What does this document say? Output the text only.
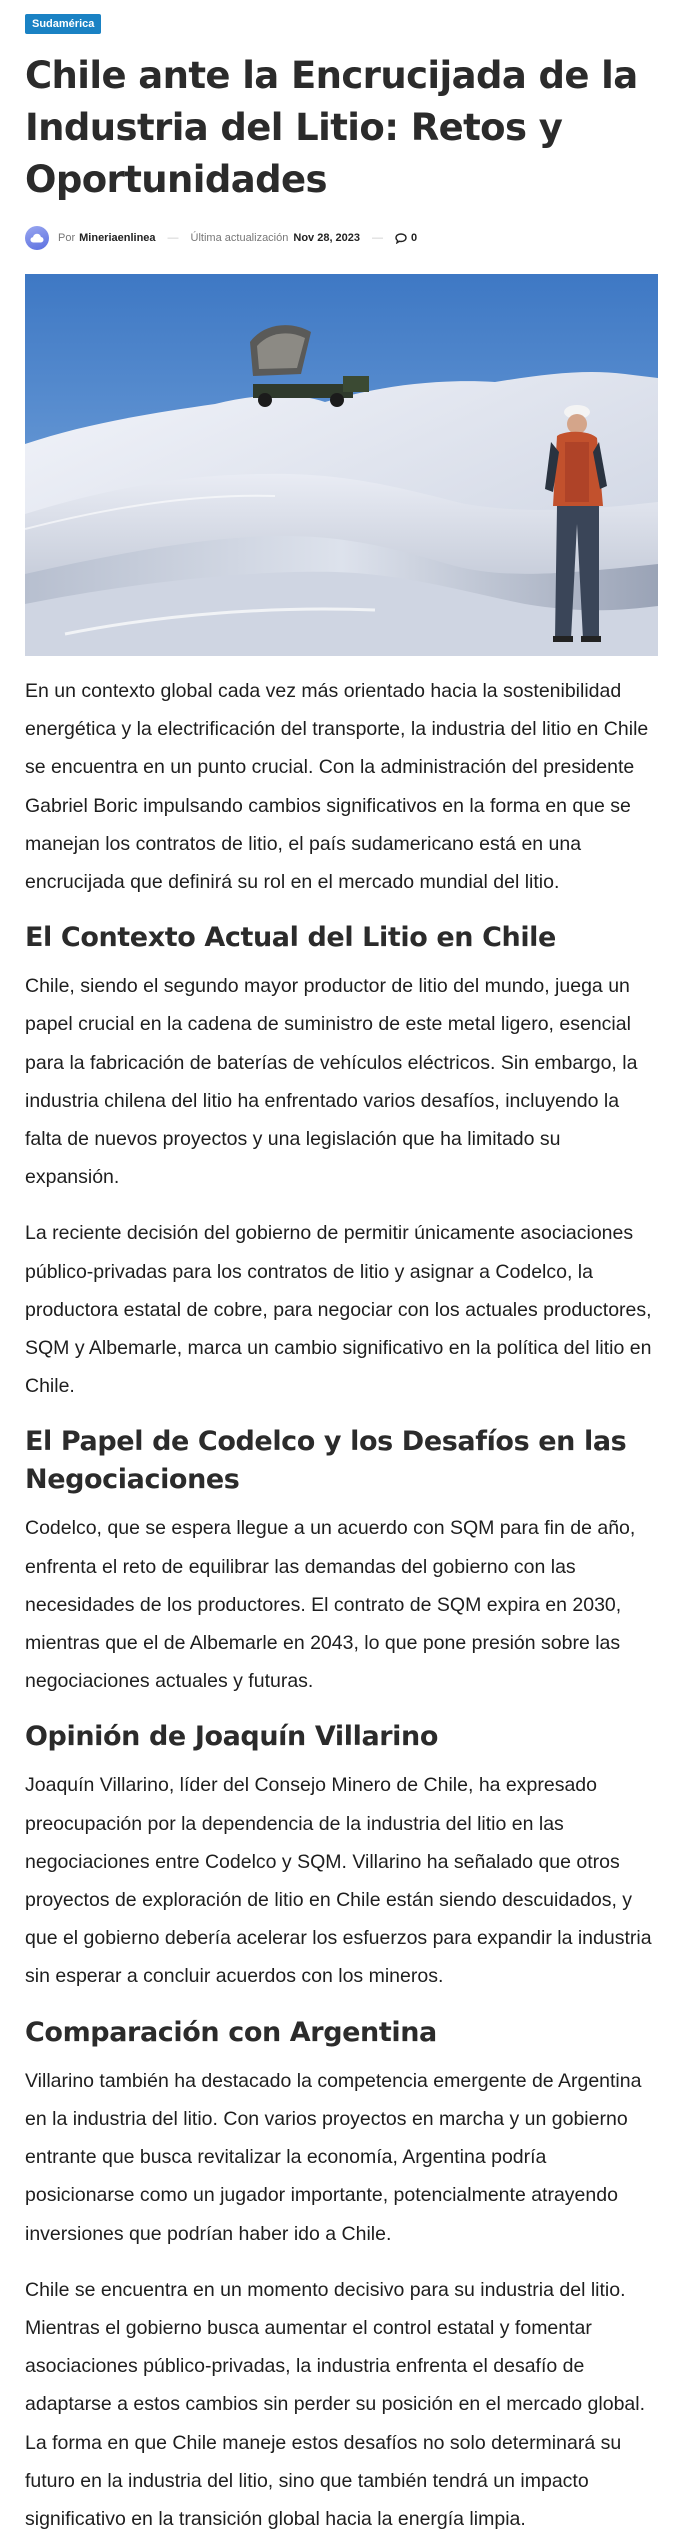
Sudamérica
Chile ante la Encrucijada de la Industria del Litio: Retos y Oportunidades
Por Mineriaenlinea — Última actualización Nov 28, 2023 —	0

En un contexto global cada vez más orientado hacia la sostenibilidad energética y la electrificación del transporte, la industria del litio en Chile se encuentra en un punto crucial. Con la administración del presidente Gabriel Boric impulsando cambios significativos en la forma en que se manejan los contratos de litio, el país sudamericano está en una encrucijada que definirá su rol en el mercado mundial del litio.

El Contexto Actual del Litio en Chile

Chile, siendo el segundo mayor productor de litio del mundo, juega un papel crucial en la cadena de suministro de este metal ligero, esencial para la fabricación de baterías de vehículos eléctricos. Sin embargo, la industria chilena del litio ha enfrentado varios desafíos, incluyendo la falta de nuevos proyectos y una legislación que ha limitado su expansión.

La reciente decisión del gobierno de permitir únicamente asociaciones público-privadas para los contratos de litio y asignar a Codelco, la productora estatal de cobre, para negociar con los actuales productores, SQM y Albemarle, marca un cambio significativo en la política del litio en Chile.

El Papel de Codelco y los Desafíos en las Negociaciones

Codelco, que se espera llegue a un acuerdo con SQM para fin de año, enfrenta el reto de equilibrar las demandas del gobierno con las necesidades de los productores. El contrato de SQM expira en 2030, mientras que el de Albemarle en 2043, lo que pone presión sobre las negociaciones actuales y futuras.

Opinión de Joaquín Villarino

Joaquín Villarino, líder del Consejo Minero de Chile, ha expresado preocupación por la dependencia de la industria del litio en las negociaciones entre Codelco y SQM. Villarino ha señalado que otros proyectos de exploración de litio en Chile están siendo descuidados, y que el gobierno debería acelerar los esfuerzos para expandir la industria sin esperar a concluir acuerdos con los mineros.

Comparación con Argentina

Villarino también ha destacado la competencia emergente de Argentina en la industria del litio. Con varios proyectos en marcha y un gobierno entrante que busca revitalizar la economía, Argentina podría posicionarse como un jugador importante, potencialmente atrayendo inversiones que podrían haber ido a Chile.

Chile se encuentra en un momento decisivo para su industria del litio. Mientras el gobierno busca aumentar el control estatal y fomentar asociaciones público-privadas, la industria enfrenta el desafío de adaptarse a estos cambios sin perder su posición en el mercado global. La forma en que Chile maneje estos desafíos no solo determinará su futuro en la industria del litio, sino que también tendrá un impacto significativo en la transición global hacia la energía limpia.
